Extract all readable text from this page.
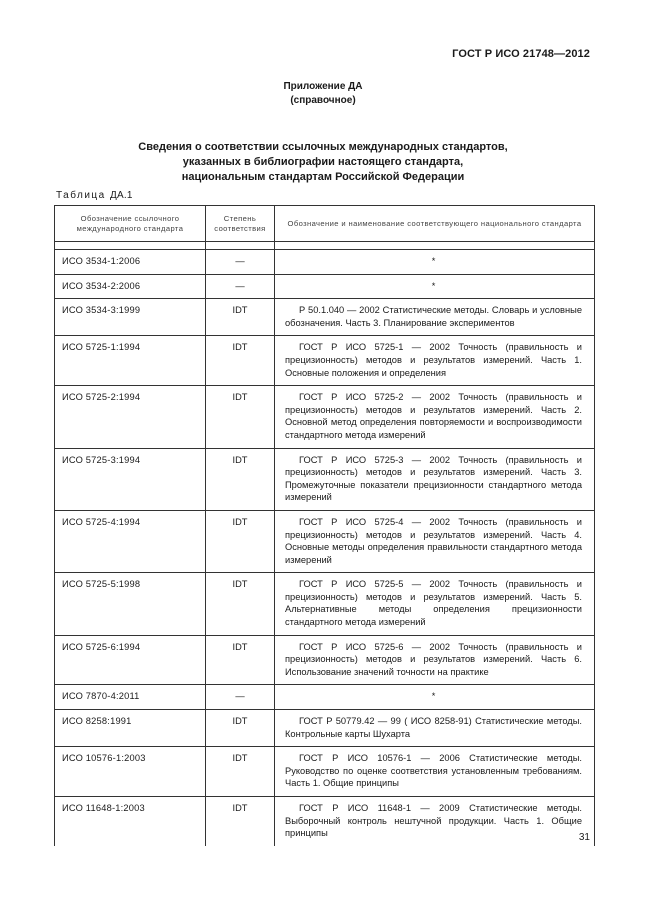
ГОСТ Р ИСО 21748—2012
Приложение ДА
(справочное)
Сведения о соответствии ссылочных международных стандартов,
указанных в библиографии настоящего стандарта,
национальным стандартам Российской Федерации
Таблица ДА.1
Обозначение ссылочного международного стандарта	Степень соответствия	Обозначение и наименование соответствующего национального стандарта

ИСО 3534-1:2006	—	*
ИСО 3534-2:2006	—	*
ИСО 3534-3:1999	IDT	Р 50.1.040 — 2002 Статистические методы. Словарь и условные обозначения. Часть 3. Планирование экспериментов
ИСО 5725-1:1994	IDT	ГОСТ Р ИСО 5725-1 — 2002 Точность (правильность и прецизионность) методов и результатов измерений. Часть 1. Основные положения и определения
ИСО 5725-2:1994	IDT	ГОСТ Р ИСО 5725-2 — 2002 Точность (правильность и прецизионность) методов и результатов измерений. Часть 2. Основной метод определения повторяемости и воспроизводимости стандартного метода измерений
ИСО 5725-3:1994	IDT	ГОСТ Р ИСО 5725-3 — 2002 Точность (правильность и прецизионность) методов и результатов измерений. Часть 3. Промежуточные показатели прецизионности стандартного метода измерений
ИСО 5725-4:1994	IDT	ГОСТ Р ИСО 5725-4 — 2002 Точность (правильность и прецизионность) методов и результатов измерений. Часть 4. Основные методы определения правильности стандартного метода измерений
ИСО 5725-5:1998	IDT	ГОСТ Р ИСО 5725-5 — 2002 Точность (правильность и прецизионность) методов и результатов измерений. Часть 5. Альтернативные методы определения прецизионности стандартного метода измерений
ИСО 5725-6:1994	IDT	ГОСТ Р ИСО 5725-6 — 2002 Точность (правильность и прецизионность) методов и результатов измерений. Часть 6. Использование значений точности на практике
ИСО 7870-4:2011	—	*
ИСО 8258:1991	IDT	ГОСТ Р 50779.42 — 99 ( ИСО 8258-91) Статистические методы. Контрольные карты Шухарта
ИСО 10576-1:2003	IDT	ГОСТ Р ИСО 10576-1 — 2006 Статистические методы. Руководство по оценке соответствия установленным требованиям. Часть 1. Общие принципы
ИСО 11648-1:2003	IDT	ГОСТ Р ИСО 11648-1 — 2009 Статистические методы. Выборочный контроль нештучной продукции. Часть 1. Общие принципы	31
